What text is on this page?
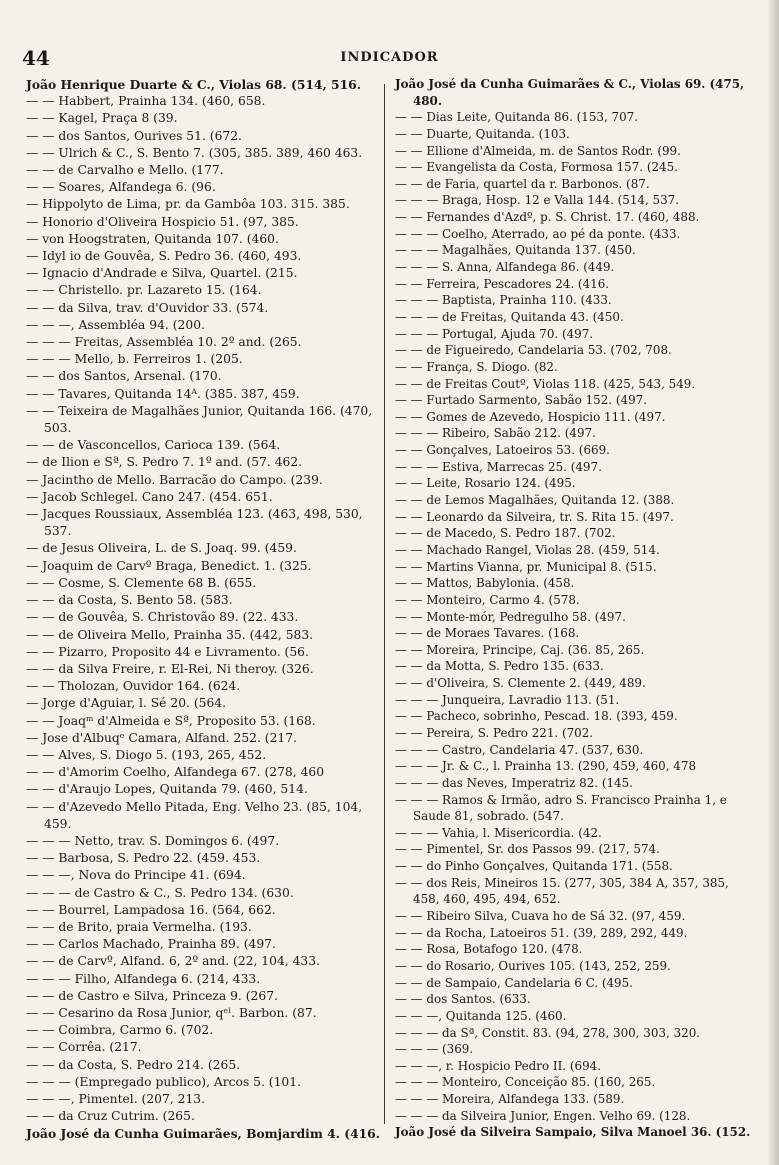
44	INDICADOR

João Henrique Duarte & C., Violas 68. (514, 516.

— — Habbert, Prainha 134. (460, 658.

— — Kagel, Praça 8 (39.

— — dos Santos, Ourives 51. (672.

— — Ulrich & C., S. Bento 7. (305, 385. 389, 460 463.

— — de Carvalho e Mello. (177.

— — Soares, Alfandega 6. (96.

— Hippolyto de Lima, pr. da Gambôa 103. 315. 385.

— Honorio d'Oliveira Hospicio 51. (97, 385.

— von Hoogstraten, Quitanda 107. (460.

— Idyl io de Gouvêa, S. Pedro 36. (460, 493.

— Ignacio d'Andrade e Silva, Quartel. (215.

— — Christello. pr. Lazareto 15. (164.

— — da Silva, trav. d'Ouvidor 33. (574.

— — —, Assembléa 94. (200.

— — — Freitas, Assembléa 10. 2º and. (265.

— — — Mello, b. Ferreiros 1. (205.

— — dos Santos, Arsenal. (170.

— — Tavares, Quitanda 14ᴬ. (385. 387, 459.

— — Teixeira de Magalhães Junior, Quitanda 166. (470, 503.

— — de Vasconcellos, Carioca 139. (564.

— de Ilion e Sª, S. Pedro 7. 1º and. (57. 462.

— Jacintho de Mello. Barracão do Campo. (239.

— Jacob Schlegel. Cano 247. (454. 651.

— Jacques Roussiaux, Assembléa 123. (463, 498, 530, 537.

— de Jesus Oliveira, L. de S. Joaq. 99. (459.

— Joaquim de Carvº Braga, Benedict. 1. (325.

— — Cosme, S. Clemente 68 B. (655.

— — da Costa, S. Bento 58. (583.

— — de Gouvêa, S. Christovão 89. (22. 433.

— — de Oliveira Mello, Prainha 35. (442, 583.

— — Pizarro, Proposito 44 e Livramento. (56.

— — da Silva Freire, r. El-Rei, Ni theroy. (326.

— — Tholozan, Ouvidor 164. (624.

— Jorge d'Aguiar, l. Sé 20. (564.

— — Joaqᵐ d'Almeida e Sª, Proposito 53. (168.

— Jose d'Albuqᵉ Camara, Alfand. 252. (217.

— — Alves, S. Diogo 5. (193, 265, 452.

— — d'Amorim Coelho, Alfandega 67. (278, 460

— — d'Araujo Lopes, Quitanda 79. (460, 514.

— — d'Azevedo Mello Pitada, Eng. Velho 23. (85, 104, 459.

— — — Netto, trav. S. Domingos 6. (497.

— — Barbosa, S. Pedro 22. (459. 453.

— — —, Nova do Principe 41. (694.

— — — de Castro & C., S. Pedro 134. (630.

— — Bourrel, Lampadosa 16. (564, 662.

— — de Brito, praia Vermelha. (193.

— — Carlos Machado, Prainha 89. (497.

— — de Carvº, Alfand. 6, 2º and. (22, 104, 433.

— — — Filho, Alfandega 6. (214, 433.

— — de Castro e Silva, Princeza 9. (267.

— — Cesarino da Rosa Junior, qᵉˡ. Barbon. (87.

— — Coimbra, Carmo 6. (702.

— — Corrêa. (217.

— — da Costa, S. Pedro 214. (265.

— — — (Empregado publico), Arcos 5. (101.

— — —, Pimentel. (207, 213.

— — da Cruz Cutrim. (265.

João José da Cunha Guimarães, Bomjardim 4. (416.

João José da Cunha Guimarães & C., Violas 69. (475, 480.

— — Dias Leite, Quitanda 86. (153, 707.

— — Duarte, Quitanda. (103.

— — Ellione d'Almeida, m. de Santos Rodr. (99.

— — Evangelista da Costa, Formosa 157. (245.

— — de Faria, quartel da r. Barbonos. (87.

— — — Braga, Hosp. 12 e Valla 144. (514, 537.

— — Fernandes d'Azdº, p. S. Christ. 17. (460, 488.

— — — Coelho, Aterrado, ao pé da ponte. (433.

— — — Magalhães, Quitanda 137. (450.

— — — S. Anna, Alfandega 86. (449.

— — Ferreira, Pescadores 24. (416.

— — — Baptista, Prainha 110. (433.

— — — de Freitas, Quitanda 43. (450.

— — — Portugal, Ajuda 70. (497.

— — de Figueiredo, Candelaria 53. (702, 708.

— — França, S. Diogo. (82.

— — de Freitas Coutº, Violas 118. (425, 543, 549.

— — Furtado Sarmento, Sabão 152. (497.

— — Gomes de Azevedo, Hospicio 111. (497.

— — — Ribeiro, Sabão 212. (497.

— — Gonçalves, Latoeiros 53. (669.

— — — Estiva, Marrecas 25. (497.

— — Leite, Rosario 124. (495.

— — de Lemos Magalhães, Quitanda 12. (388.

— — Leonardo da Silveira, tr. S. Rita 15. (497.

— — de Macedo, S. Pedro 187. (702.

— — Machado Rangel, Violas 28. (459, 514.

— — Martins Vianna, pr. Municipal 8. (515.

— — Mattos, Babylonia. (458.

— — Monteiro, Carmo 4. (578.

— — Monte-mór, Pedregulho 58. (497.

— — de Moraes Tavares. (168.

— — Moreira, Principe, Caj. (36. 85, 265.

— — da Motta, S. Pedro 135. (633.

— — d'Oliveira, S. Clemente 2. (449, 489.

— — — Junqueira, Lavradio 113. (51.

— — Pacheco, sobrinho, Pescad. 18. (393, 459.

— — Pereira, S. Pedro 221. (702.

— — — Castro, Candelaria 47. (537, 630.

— — — Jr. & C., l. Prainha 13. (290, 459, 460, 478

— — — das Neves, Imperatriz 82. (145.

— — — Ramos & Irmão, adro S. Francisco Prainha 1, e Saude 81, sobrado. (547.

— — — Vahia, l. Misericordia. (42.

— — Pimentel, Sr. dos Passos 99. (217, 574.

— — do Pinho Gonçalves, Quitanda 171. (558.

— — dos Reis, Mineiros 15. (277, 305, 384 A, 357, 385, 458, 460, 495, 494, 652.

— — Ribeiro Silva, Cuava ho de Sá 32. (97, 459.

— — da Rocha, Latoeiros 51. (39, 289, 292, 449.

— — Rosa, Botafogo 120. (478.

— — do Rosario, Ourives 105. (143, 252, 259.

— — de Sampaio, Candelaria 6 C. (495.

— — dos Santos. (633.

— — —, Quitanda 125. (460.

— — — da Sª, Constit. 83. (94, 278, 300, 303, 320.

— — — (369.

— — —, r. Hospicio Pedro II. (694.

— — — Monteiro, Conceição 85. (160, 265.

— — — Moreira, Alfandega 133. (589.

— — — da Silveira Junior, Engen. Velho 69. (128.

João José da Silveira Sampaio, Silva Manoel 36. (152.
